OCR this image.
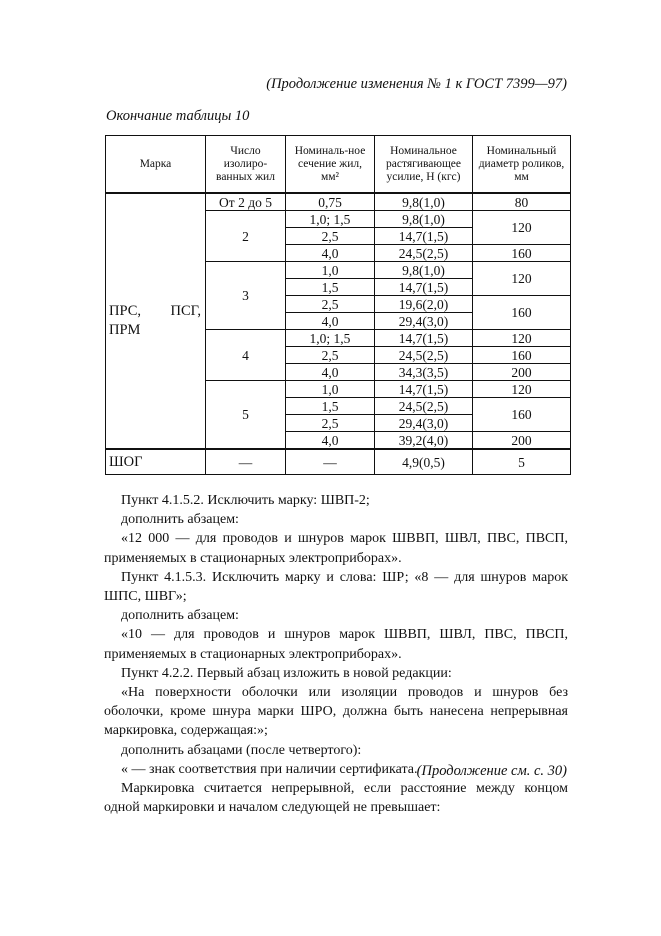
(Продолжение изменения № 1 к ГОСТ 7399—97)
Окончание таблицы 10
Марка	Число изолиро-ванных жил	Номиналь-ное сечение жил, мм²	Номинальное растягивающее усилие, Н (кгс)	Номинальный диаметр роликов, мм
ПРС, ПСГ, ПРМ	От 2 до 5	0,75	9,8(1,0)	80
	2	1,0; 1,5	9,8(1,0)	120
		2,5	14,7(1,5)	
		4,0	24,5(2,5)	160
	3	1,0	9,8(1,0)	120
		1,5	14,7(1,5)	
		2,5	19,6(2,0)	160
		4,0	29,4(3,0)	
	4	1,0; 1,5	14,7(1,5)	120
		2,5	24,5(2,5)	160
		4,0	34,3(3,5)	200
	5	1,0	14,7(1,5)	120
		1,5	24,5(2,5)	160
		2,5	29,4(3,0)	
		4,0	39,2(4,0)	200
ШОГ	—	—	4,9(0,5)	5

Пункт 4.1.5.2. Исключить марку: ШВП-2;

дополнить абзацем:

«12 000 — для проводов и шнуров марок ШВВП, ШВЛ, ПВС, ПВСП, применяемых в стационарных электроприборах».

Пункт 4.1.5.3. Исключить марку и слова: ШР; «8 — для шнуров марок ШПС, ШВГ»;

дополнить абзацем:

«10 — для проводов и шнуров марок ШВВП, ШВЛ, ПВС, ПВСП, применяемых в стационарных электроприборах».

Пункт 4.2.2. Первый абзац изложить в новой редакции:

«На поверхности оболочки или изоляции проводов и шнуров без оболочки, кроме шнура марки ШРО, должна быть нанесена непрерывная маркировка, содержащая:»;

дополнить абзацами (после четвертого):

« — знак соответствия при наличии сертификата.

Маркировка считается непрерывной, если расстояние между концом одной маркировки и началом следующей не превышает:

(Продолжение см. с. 30)
